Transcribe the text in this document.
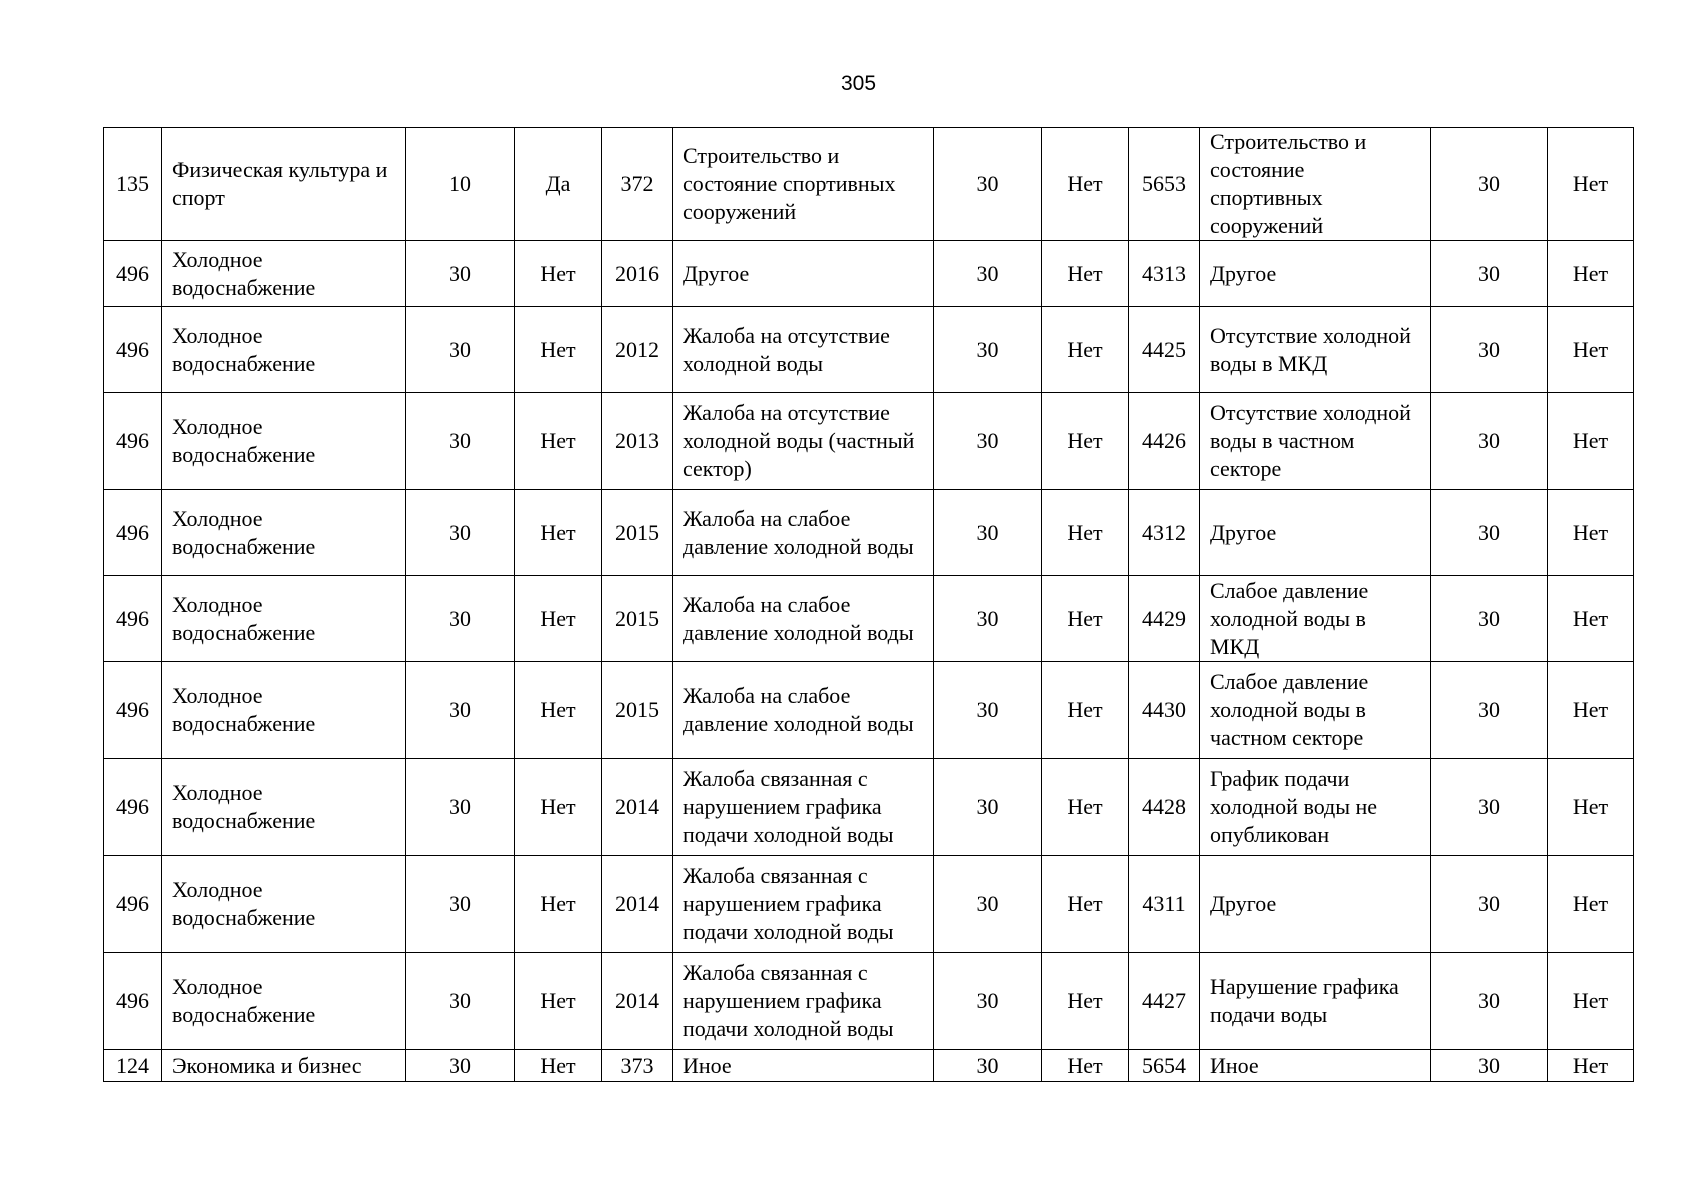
305
135	Физическая культура и спорт	10	Да	372	Строительство и состояние спортивных сооружений	30	Нет	5653	Строительство и состояние спортивных сооружений	30	Нет
496	Холодное водоснабжение	30	Нет	2016	Другое	30	Нет	4313	Другое	30	Нет
496	Холодное водоснабжение	30	Нет	2012	Жалоба на отсутствие холодной воды	30	Нет	4425	Отсутствие холодной воды в МКД	30	Нет
496	Холодное водоснабжение	30	Нет	2013	Жалоба на отсутствие холодной воды (частный сектор)	30	Нет	4426	Отсутствие холодной воды в частном секторе	30	Нет
496	Холодное водоснабжение	30	Нет	2015	Жалоба на слабое давление холодной воды	30	Нет	4312	Другое	30	Нет
496	Холодное водоснабжение	30	Нет	2015	Жалоба на слабое давление холодной воды	30	Нет	4429	Слабое давление холодной воды в МКД	30	Нет
496	Холодное водоснабжение	30	Нет	2015	Жалоба на слабое давление холодной воды	30	Нет	4430	Слабое давление холодной воды в частном секторе	30	Нет
496	Холодное водоснабжение	30	Нет	2014	Жалоба связанная с нарушением графика подачи холодной воды	30	Нет	4428	График подачи холодной воды не опубликован	30	Нет
496	Холодное водоснабжение	30	Нет	2014	Жалоба связанная с нарушением графика подачи холодной воды	30	Нет	4311	Другое	30	Нет
496	Холодное водоснабжение	30	Нет	2014	Жалоба связанная с нарушением графика подачи холодной воды	30	Нет	4427	Нарушение графика подачи воды	30	Нет
124	Экономика и бизнес	30	Нет	373	Иное	30	Нет	5654	Иное	30	Нет
